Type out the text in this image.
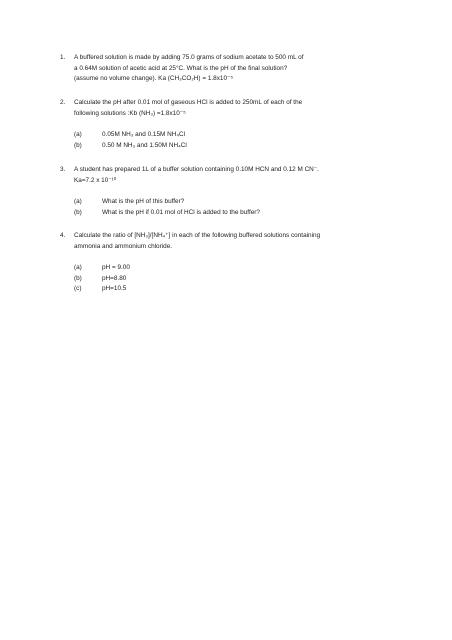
1. A buffered solution is made by adding 75.0 grams of sodium acetate to 500 mL of
a 0.64M solution of acetic acid at 25°C. What is the pH of the final solution?
(assume no volume change). Ka (CH₃CO₂H) = 1.8x10⁻⁵
2. Calculate the pH after 0.01 mol of gaseous HCl is added to 250mL of each of the
following solutions :Kb (NH₃) =1.8x10⁻⁵
(a)	0.05M NH₃ and 0.15M NH₄Cl
(b)	0.50 M NH₃ and 1.50M NH₄Cl
3. A student has prepared 1L of a buffer solution containing 0.10M HCN and 0.12 M CN⁻.
Ka=7.2 x 10⁻¹⁰
(a)	What is the pH of this buffer?
(b)	What is the pH if 0.01 mol of HCl is added to the buffer?
4. Calculate the ratio of [NH₃]/[NH₄⁺] in each of the following buffered solutions containing
ammonia and ammonium chloride.
(a)	pH = 9.00
(b)	pH=8.80
(c)	pH=10.5
